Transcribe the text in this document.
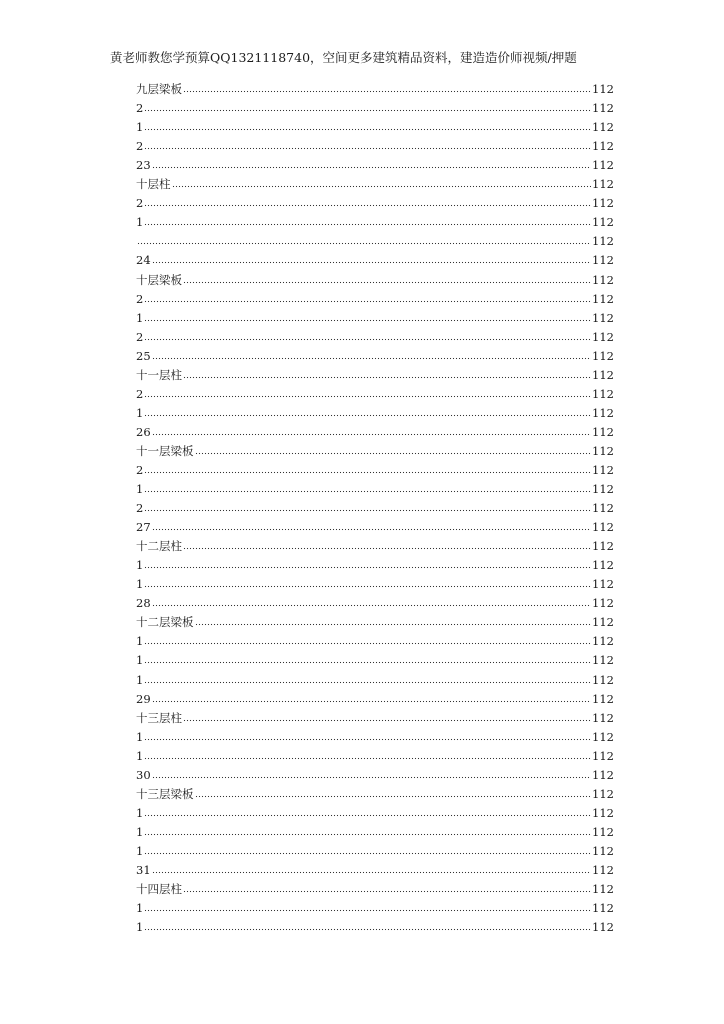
黄老师教您学预算QQ1321118740，空间更多建筑精品资料，建造造价师视频/押题
九层梁板	112
2	112
1	112
2	112
23	112
十层柱	112
2	112
1	112
112
24	112
十层梁板	112
2	112
1	112
2	112
25	112
十一层柱	112
2	112
1	112
26	112
十一层梁板	112
2	112
1	112
2	112
27	112
十二层柱	112
1	112
1	112
28	112
十二层梁板	112
1	112
1	112
1	112
29	112
十三层柱	112
1	112
1	112
30	112
十三层梁板	112
1	112
1	112
1	112
31	112
十四层柱	112
1	112
1	112
